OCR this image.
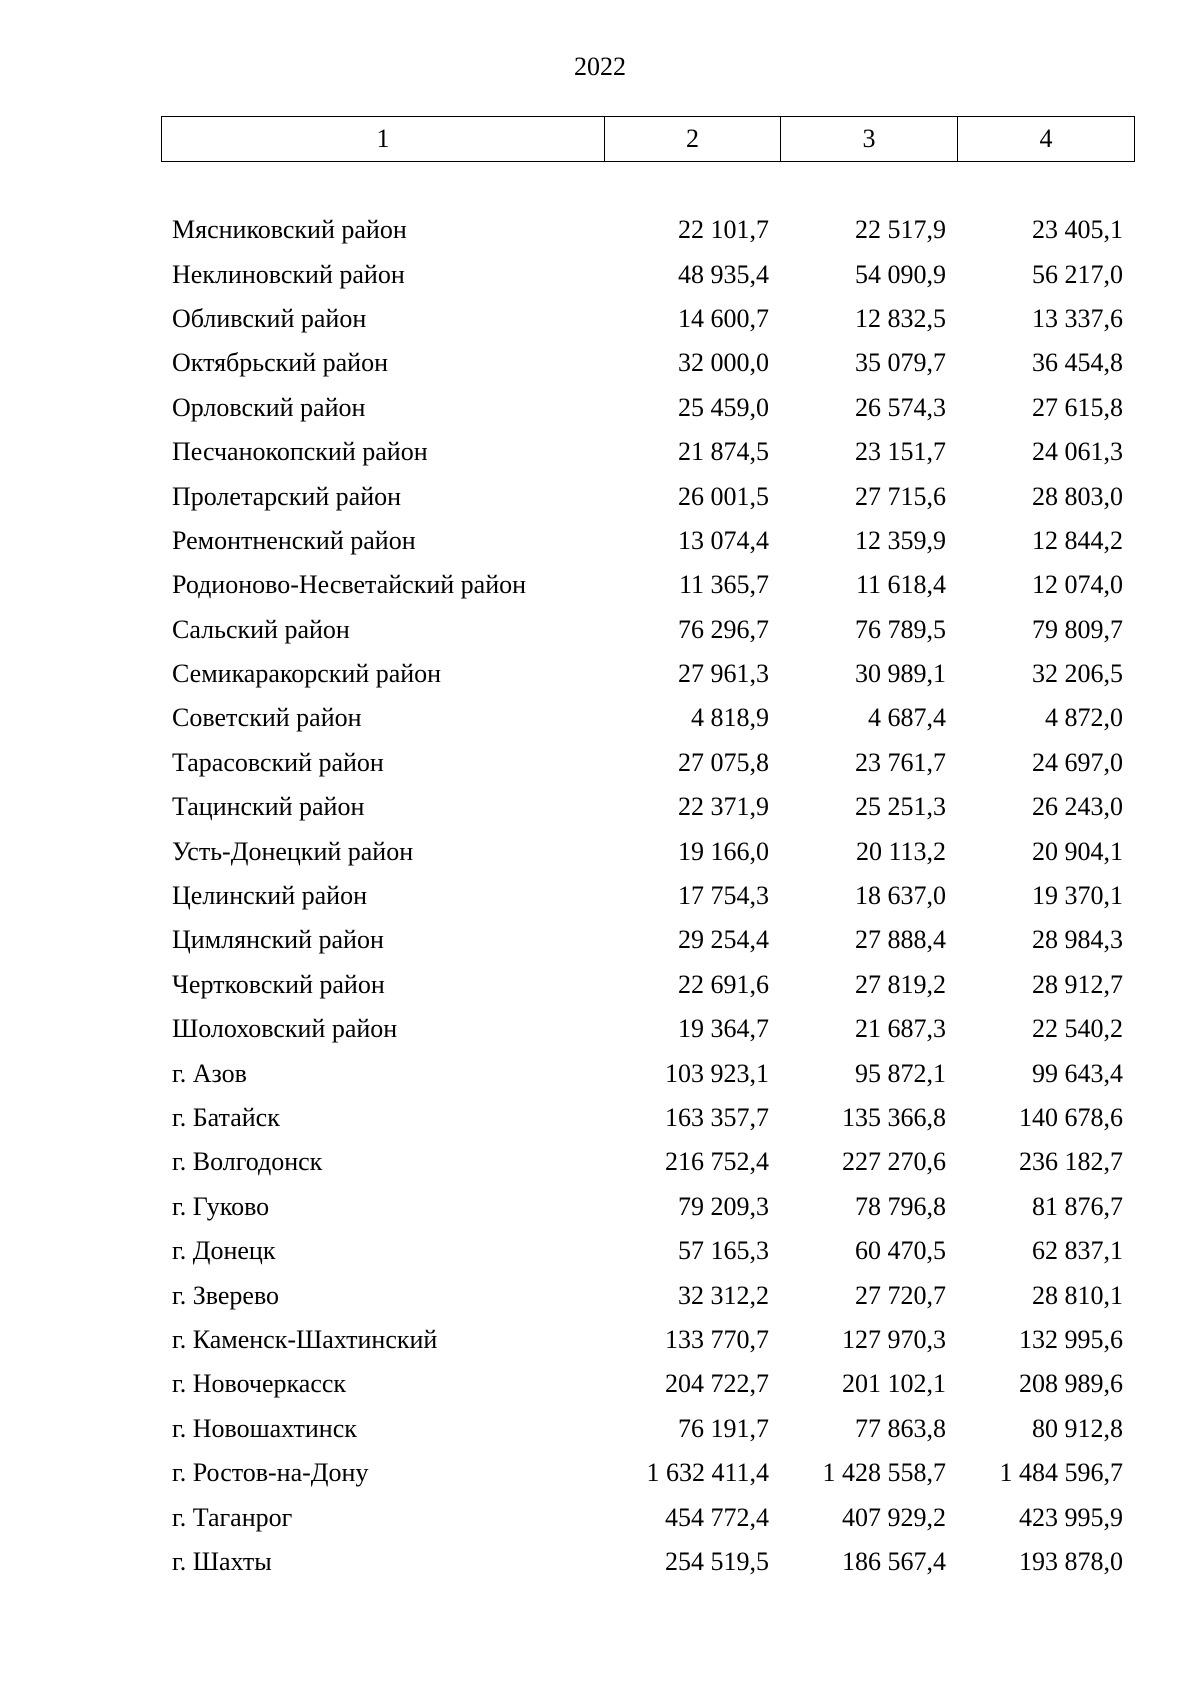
2022
1	2	3	4
Мясниковский район	22 101,7	22 517,9	23 405,1
Неклиновский район	48 935,4	54 090,9	56 217,0
Обливский район	14 600,7	12 832,5	13 337,6
Октябрьский район	32 000,0	35 079,7	36 454,8
Орловский район	25 459,0	26 574,3	27 615,8
Песчанокопский район	21 874,5	23 151,7	24 061,3
Пролетарский район	26 001,5	27 715,6	28 803,0
Ремонтненский район	13 074,4	12 359,9	12 844,2
Родионово-Несветайский район	11 365,7	11 618,4	12 074,0
Сальский район	76 296,7	76 789,5	79 809,7
Семикаракорский район	27 961,3	30 989,1	32 206,5
Советский район	4 818,9	4 687,4	4 872,0
Тарасовский район	27 075,8	23 761,7	24 697,0
Тацинский район	22 371,9	25 251,3	26 243,0
Усть-Донецкий район	19 166,0	20 113,2	20 904,1
Целинский район	17 754,3	18 637,0	19 370,1
Цимлянский район	29 254,4	27 888,4	28 984,3
Чертковский район	22 691,6	27 819,2	28 912,7
Шолоховский район	19 364,7	21 687,3	22 540,2
г. Азов	103 923,1	95 872,1	99 643,4
г. Батайск	163 357,7	135 366,8	140 678,6
г. Волгодонск	216 752,4	227 270,6	236 182,7
г. Гуково	79 209,3	78 796,8	81 876,7
г. Донецк	57 165,3	60 470,5	62 837,1
г. Зверево	32 312,2	27 720,7	28 810,1
г. Каменск-Шахтинский	133 770,7	127 970,3	132 995,6
г. Новочеркасск	204 722,7	201 102,1	208 989,6
г. Новошахтинск	76 191,7	77 863,8	80 912,8
г. Ростов-на-Дону	1 632 411,4	1 428 558,7	1 484 596,7
г. Таганрог	454 772,4	407 929,2	423 995,9
г. Шахты	254 519,5	186 567,4	193 878,0
